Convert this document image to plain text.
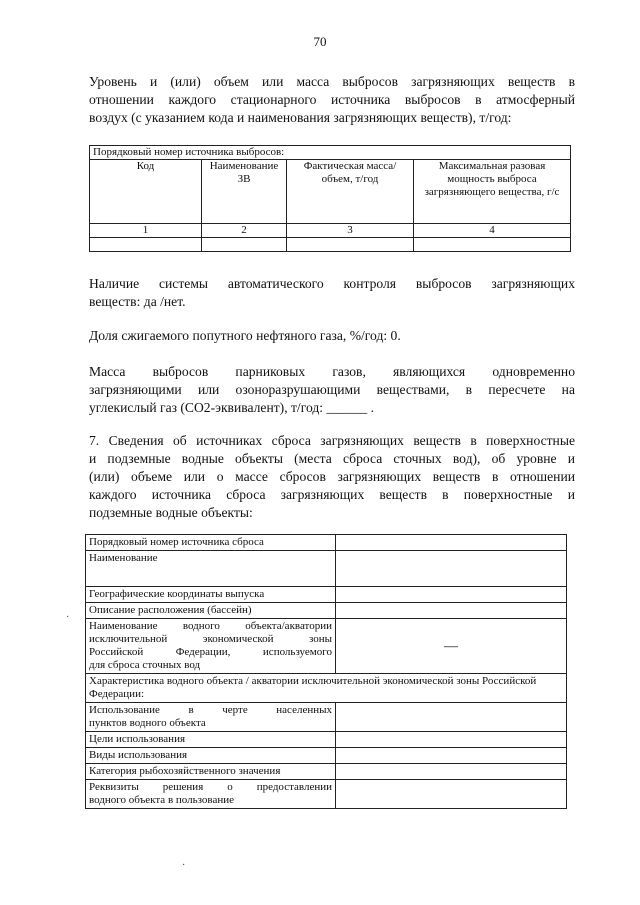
70

Уровень и (или) объем или масса выбросов загрязняющих веществ в
отношении каждого стационарного источника выбросов в атмосферный
воздух (с указанием кода и наименования загрязняющих веществ), т/год:

Порядковый номер источника выбросов:			
Код	Наименование ЗВ	Фактическая масса/объем, т/год	Максимальная разовая мощность выброса загрязняющего вещества, г/с
1	2	3	4

Наличие системы автоматического контроля выбросов загрязняющих
веществ: да /нет.

Доля сжигаемого попутного нефтяного газа, %/год: 0.

Масса выбросов парниковых газов, являющихся одновременно
загрязняющими или озоноразрушающими веществами, в пересчете на
углекислый газ (СО2-эквивалент), т/год: ______ .

7. Сведения об источниках сброса загрязняющих веществ в поверхностные
и подземные водные объекты (места сброса сточных вод), об уровне и
(или) объеме или о массе сбросов загрязняющих веществ в отношении
каждого источника сброса загрязняющих веществ в поверхностные и
подземные водные объекты:

Порядковый номер источника сброса	
Наименование	
Географические координаты выпуска	
Описание расположения (бассейн)	

Наименование водного объекта/акватории
исключительной экономической зоны
Российской Федерации, используемого
для сброса сточных вод	—
Характеристика водного объекта / акватории исключительной экономической зоны Российской Федерации:	

Использование в черте населенных
пунктов водного объекта	

Цели использования	
Виды использования	
Категория рыбохозяйственного значения	

Реквизиты решения о предоставлении
водного объекта в пользование	

·
·
